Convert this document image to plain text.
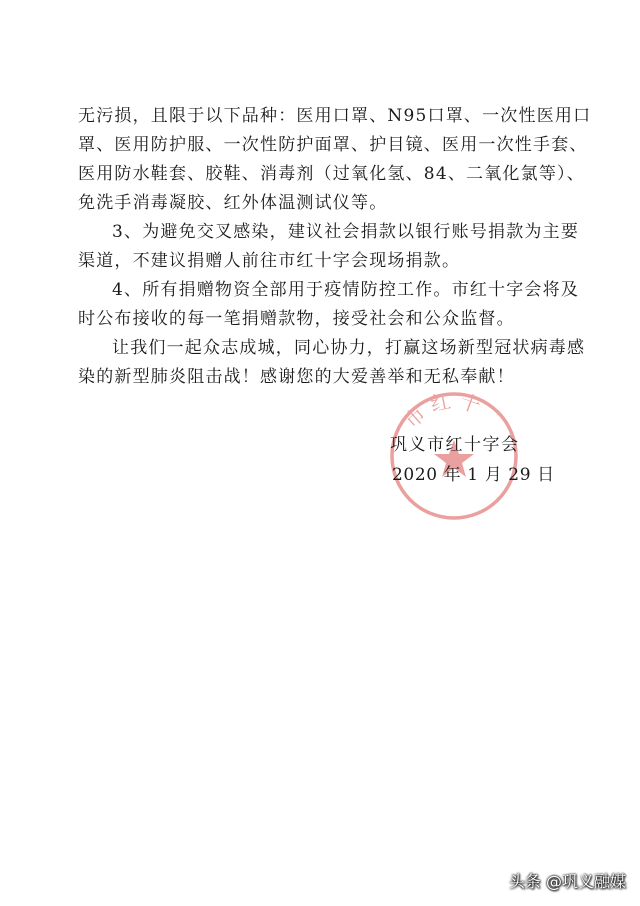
无污损，且限于以下品种：医用口罩、N95口罩、一次性医用口
罩、医用防护服、一次性防护面罩、护目镜、医用一次性手套、
医用防水鞋套、胶鞋、消毒剂（过氧化氢、84、二氧化氯等）、
免洗手消毒凝胶、红外体温测试仪等。

3、为避免交叉感染，建议社会捐款以银行账号捐款为主要
渠道，不建议捐赠人前往市红十字会现场捐款。

4、所有捐赠物资全部用于疫情防控工作。市红十字会将及
时公布接收的每一笔捐赠款物，接受社会和公众监督。

让我们一起众志成城，同心协力，打赢这场新型冠状病毒感
染的新型肺炎阻击战！感谢您的大爱善举和无私奉献！

市红十
巩义市红十字会
2020 年 1 月 29 日
头条 @巩义融媒
